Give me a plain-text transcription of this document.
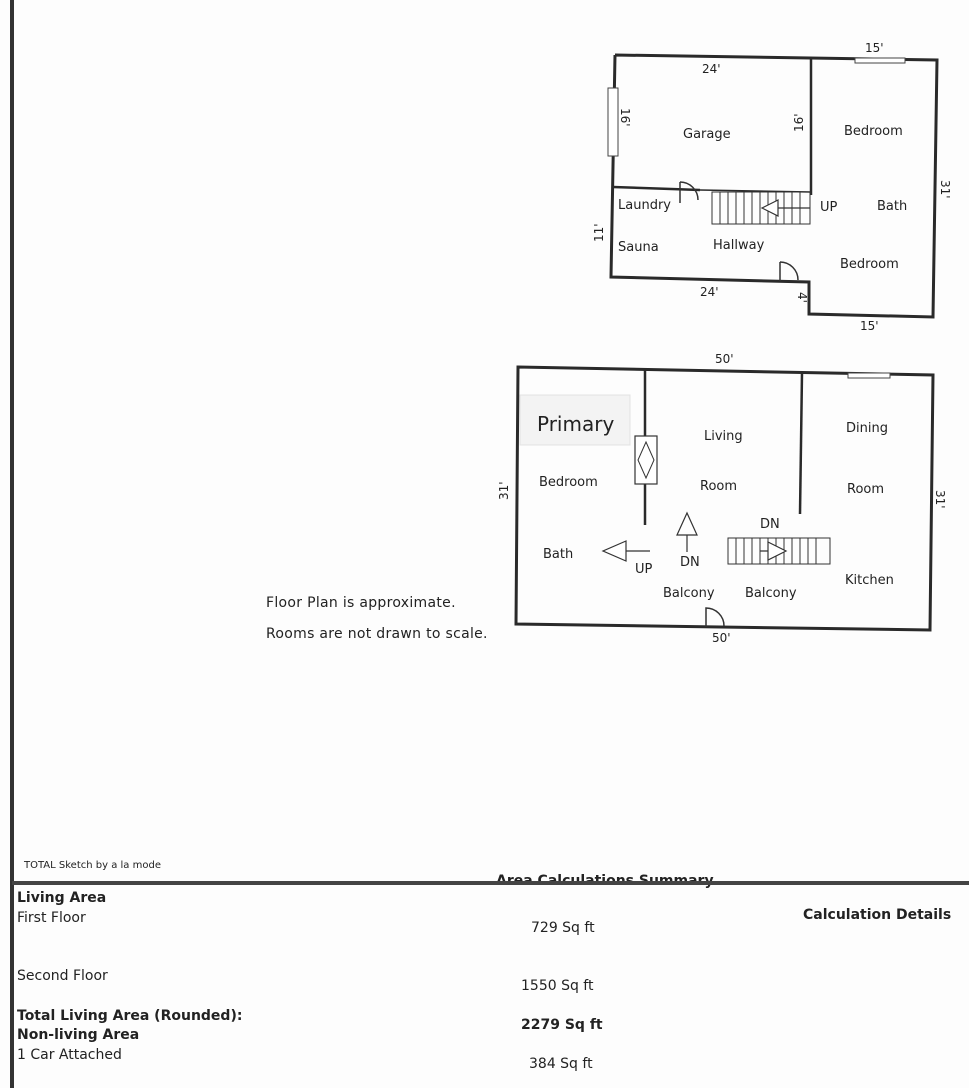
24'
15'
31'
16'	16'
11'
24'	4'
15'
Garage	Bedroom
Laundry
Sauna	Hallway
UP	Bath
Bedroom
50'
50'
31'	31'
Primary
Bedroom
Bath
Living
Room
Dining
Room
Kitchen
UP DN
DN
Balcony Balcony
Floor Plan is approximate.
Rooms are not drawn to scale.
TOTAL Sketch by a la mode
Calculation Details
Living Area
First Floor
729 Sq ft
Second Floor
1550 Sq ft
Total Living Area (Rounded):
2279 Sq ft
Non-living Area
1 Car Attached
384 Sq ft
